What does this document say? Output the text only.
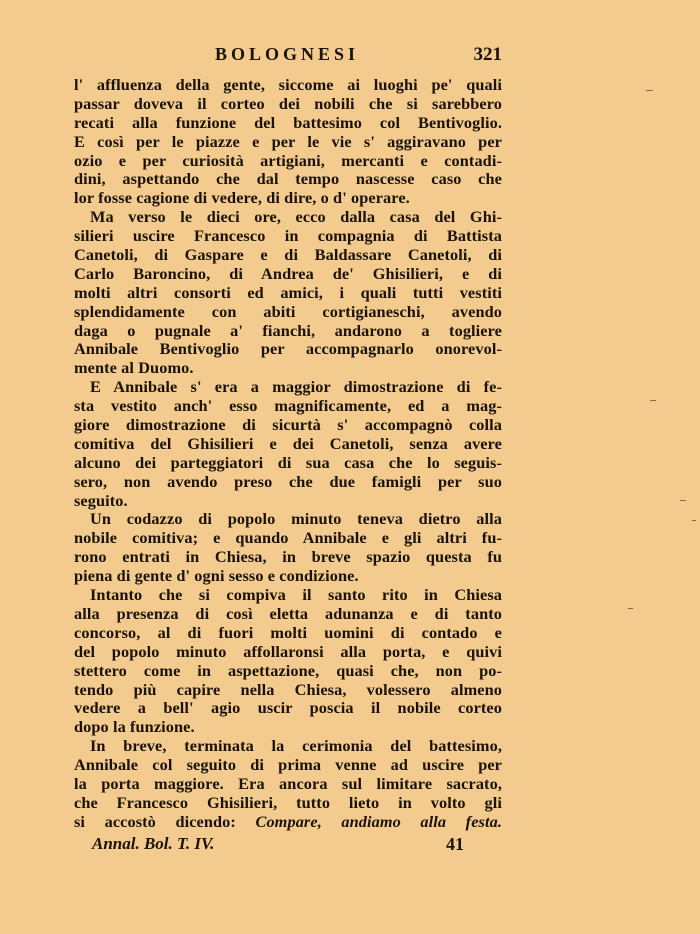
BOLOGNESI	321
l' affluenza della gente, siccome ai luoghi pe' quali
passar doveva il corteo dei nobili che si sarebbero
recati alla funzione del battesimo col Bentivoglio.
E così per le piazze e per le vie s' aggiravano per
ozio e per curiosità artigiani, mercanti e contadi-
dini, aspettando che dal tempo nascesse caso che
lor fosse cagione di vedere, di dire, o d' operare.
Ma verso le dieci ore, ecco dalla casa del Ghi-
silieri uscire Francesco in compagnia di Battista
Canetoli, di Gaspare e di Baldassare Canetoli, di
Carlo Baroncino, di Andrea de' Ghisilieri, e di
molti altri consorti ed amici, i quali tutti vestiti
splendidamente con abiti cortigianeschi, avendo
daga o pugnale a' fianchi, andarono a togliere
Annibale Bentivoglio per accompagnarlo onorevol-
mente al Duomo.
E Annibale s' era a maggior dimostrazione di fe-
sta vestito anch' esso magnificamente, ed a mag-
giore dimostrazione di sicurtà s' accompagnò colla
comitiva del Ghisilieri e dei Canetoli, senza avere
alcuno dei parteggiatori di sua casa che lo seguis-
sero, non avendo preso che due famigli per suo
seguito.
Un codazzo di popolo minuto teneva dietro alla
nobile comitiva; e quando Annibale e gli altri fu-
rono entrati in Chiesa, in breve spazio questa fu
piena di gente d' ogni sesso e condizione.
Intanto che si compiva il santo rito in Chiesa
alla presenza di così eletta adunanza e di tanto
concorso, al di fuori molti uomini di contado e
del popolo minuto affollaronsi alla porta, e quivi
stettero come in aspettazione, quasi che, non po-
tendo più capire nella Chiesa, volessero almeno
vedere a bell' agio uscir poscia il nobile corteo
dopo la funzione.
In breve, terminata la cerimonia del battesimo,
Annibale col seguito di prima venne ad uscire per
la porta maggiore. Era ancora sul limitare sacrato,
che Francesco Ghisilieri, tutto lieto in volto gli
si accostò dicendo: Compare, andiamo alla festa.
Annal. Bol. T. IV.	41
